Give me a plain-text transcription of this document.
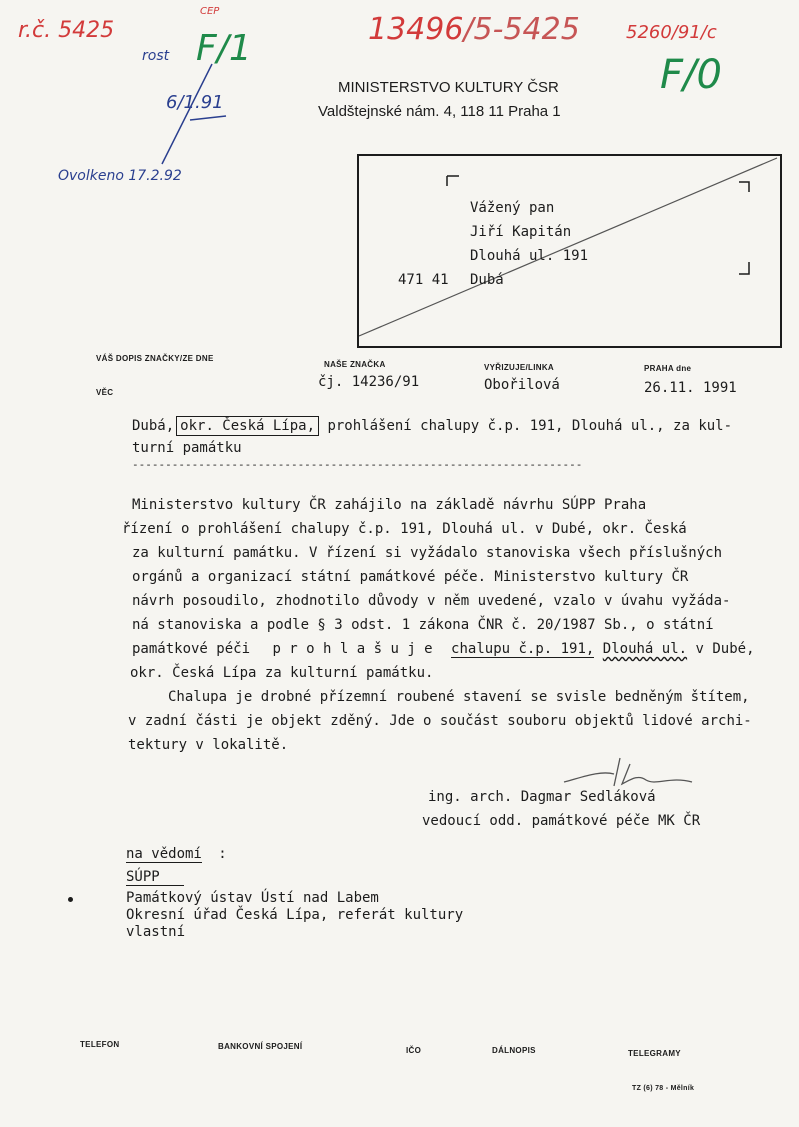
r.č. 5425
CEP
rost F/1
6/1.91
13496/5-5425	5260/91/c
F/0
Ovolkeno 17.2.92
MINISTERSTVO KULTURY ČSR
Valdštejnské nám. 4, 118 11 Praha 1
Vážený pan
Jiří Kapitán
Dlouhá ul. 191
471 41 Dubá
VÁŠ DOPIS ZNAČKY/ZE DNE
NAŠE ZNAČKA	VYŘIZUJE/LINKA	PRAHA dne
VĚC
čj. 14236/91	Obořilová	26.11. 1991
Dubá, okr. Česká Lípa, prohlášení chalupy č.p. 191, Dlouhá ul., za kul-
turní památku
--------------------------------------------------------------------
Ministerstvo kultury ČR zahájilo na základě návrhu SÚPP Praha
řízení o prohlášení chalupy č.p. 191, Dlouhá ul. v Dubé, okr. Česká
za kulturní památku. V řízení si vyžádalo stanoviska všech příslušných
orgánů a organizací státní památkové péče. Ministerstvo kultury ČR
návrh posoudilo, zhodnotilo důvody v něm uvedené, vzalo v úvahu vyžáda-
ná stanoviska a podle § 3 odst. 1 zákona ČNR č. 20/1987 Sb., o státní
památkové péči p r o h l a š u j e chalupu č.p. 191, Dlouhá ul. v Dubé,
okr. Česká Lípa za kulturní památku.
Chalupa je drobné přízemní roubené stavení se svisle bedněným štítem,
v zadní části je objekt zděný. Jde o součást souboru objektů lidové archi-
tektury v lokalitě.
ing. arch. Dagmar Sedláková
vedoucí odd. památkové péče MK ČR
na vědomí :
SÚPP
Památkový ústav Ústí nad Labem
Okresní úřad Česká Lípa, referát kultury
vlastní
TELEFON	BANKOVNÍ SPOJENÍ	IČO	DÁLNOPIS	TELEGRAMY
TZ (6) 78 - Mělník
